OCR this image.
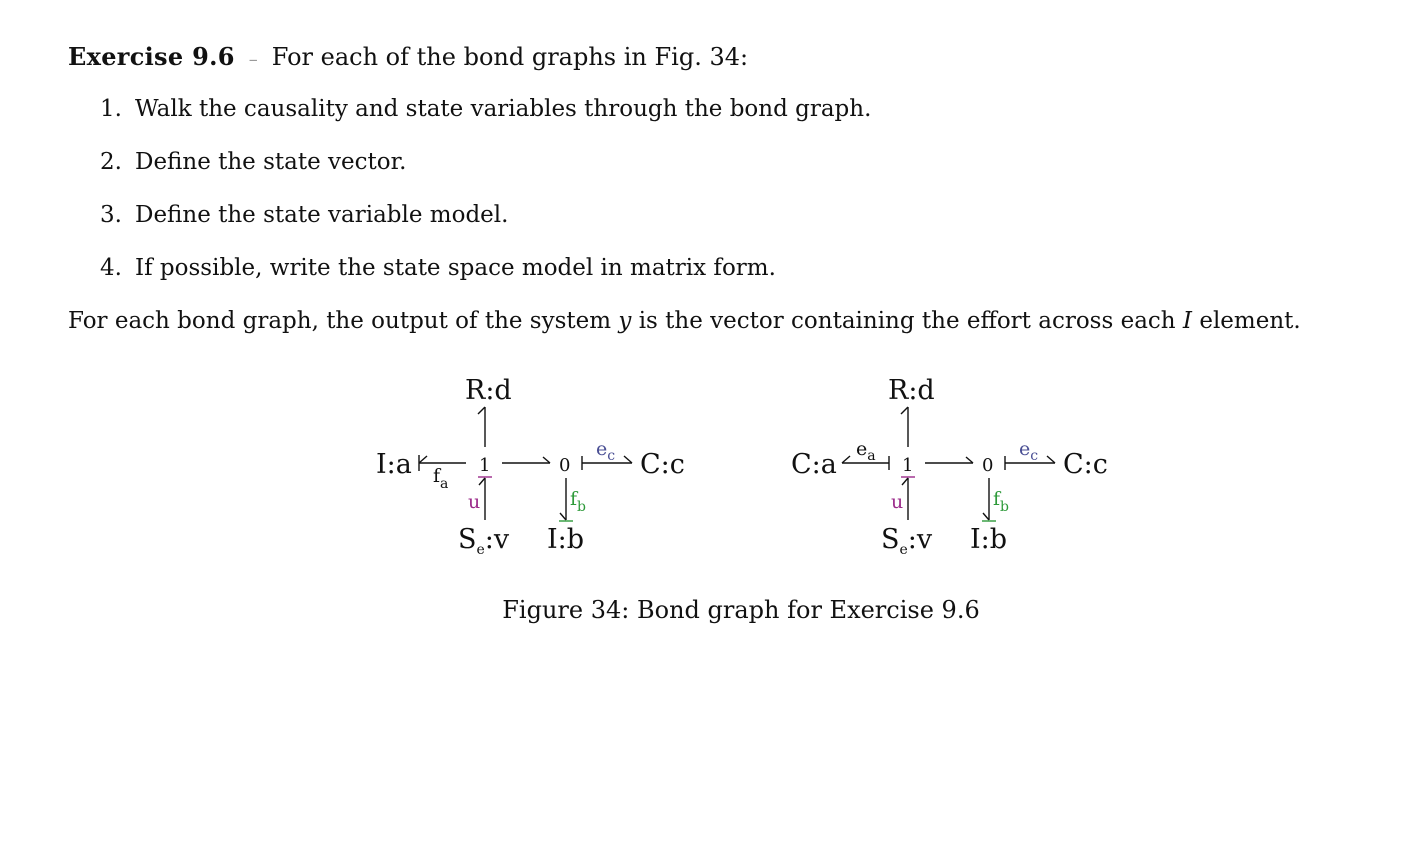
Exercise 9.6 – For each of the bond graphs in Fig. 34:
1. Walk the causality and state variables through the bond graph.
2. Define the state vector.
3. Define the state variable model.
4. If possible, write the state space model in matrix form.
For each bond graph, the output of the system y is the vector containing the effort across each I element.
R:d
I:a	C:c
I:b
$S_e:v$
1	0
$f_a$
u	$f_b$
$e_c$
R:d
C:a	C:c
I:b
$S_e:v$
1	0
$e_a$
u	$f_b$
$e_c$
Figure 34: Bond graph for Exercise 9.6
